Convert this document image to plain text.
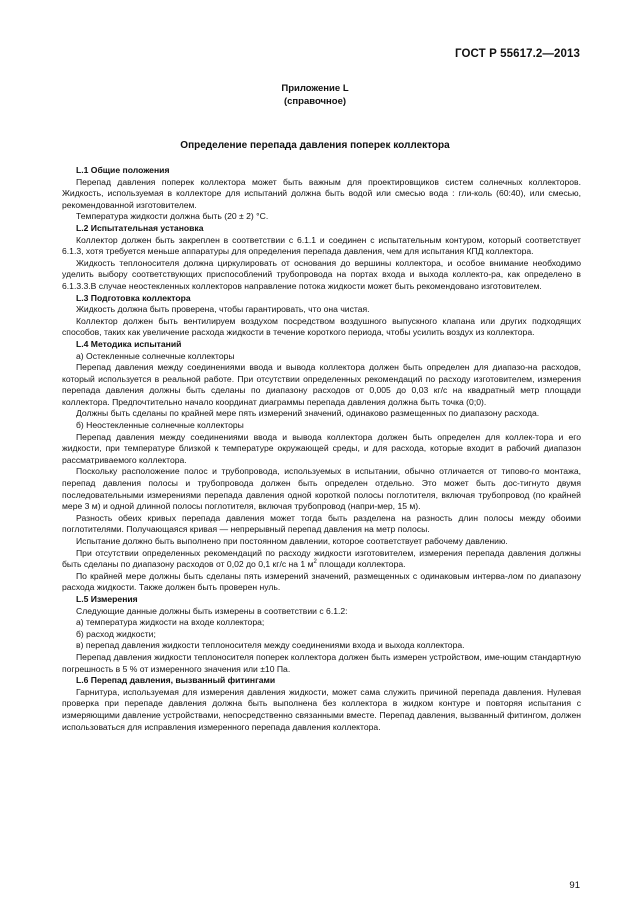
ГОСТ Р 55617.2—2013
Приложение L
(справочное)
Определение перепада давления поперек коллектора
L.1 Общие положения

Перепад давления поперек коллектора может быть важным для проектировщиков систем солнечных коллекторов. Жидкость, используемая в коллекторе для испытаний должна быть водой или смесью вода : гли-коль (60:40), или смесью, рекомендованной изготовителем.

Температура жидкости должна быть (20 ± 2) °С.

L.2 Испытательная установка

Коллектор должен быть закреплен в соответствии с 6.1.1 и соединен с испытательным контуром, который соответствует 6.1.3, хотя требуется меньше аппаратуры для определения перепада давления, чем для испытания КПД коллектора.

Жидкость теплоносителя должна циркулировать от основания до вершины коллектора, и особое внимание необходимо уделить выбору соответствующих приспособлений трубопровода на портах входа и выхода коллекто-ра, как определено в 6.1.3.3.В случае неостекленных коллекторов направление потока жидкости может быть рекомендовано изготовителем.

L.3 Подготовка коллектора

Жидкость должна быть проверена, чтобы гарантировать, что она чистая.

Коллектор должен быть вентилируем воздухом посредством воздушного выпускного клапана или других подходящих способов, таких как увеличение расхода жидкости в течение короткого периода, чтобы усилить воздух из коллектора.

L.4 Методика испытаний

а) Остекленные солнечные коллекторы

Перепад давления между соединениями ввода и вывода коллектора должен быть определен для диапазо-на расходов, который используется в реальной работе. При отсутствии определенных рекомендаций по расходу изготовителем, измерения перепада давления должны быть сделаны по диапазону расходов от 0,005 до 0,03 кг/с на квадратный метр площади коллектора. Предпочтительно начало координат диаграммы перепада давления должна быть точка (0;0).

Должны быть сделаны по крайней мере пять измерений значений, одинаково размещенных по диапазону расхода.

б) Неостекленные солнечные коллекторы

Перепад давления между соединениями ввода и вывода коллектора должен быть определен для коллек-тора и его жидкости, при температуре близкой к температуре окружающей среды, и для расхода, которые входит в рабочий диапазон рассматриваемого коллектора.

Поскольку расположение полос и трубопровода, используемых в испытании, обычно отличается от типово-го монтажа, перепад давления полосы и трубопровода должен быть определен отдельно. Это может быть дос-тигнуто двумя последовательными измерениями перепада давления одной короткой полосы поглотителя, включая трубопровод (по крайней мере 3 м) и одной длинной полосы поглотителя, включая трубопровод (напри-мер, 15 м).

Разность обеих кривых перепада давления может тогда быть разделена на разность длин полосы между обоими поглотителями. Получающаяся кривая — непрерывный перепад давления на метр полосы.

Испытание должно быть выполнено при постоянном давлении, которое соответствует рабочему давлению.

При отсутствии определенных рекомендаций по расходу жидкости изготовителем, измерения перепада давления должны быть сделаны по диапазону расходов от 0,02 до 0,1 кг/с на 1 $м^2$ площади коллектора.

По крайней мере должны быть сделаны пять измерений значений, размещенных с одинаковым интерва-лом по диапазону расхода жидкости. Также должен быть проверен нуль.

L.5 Измерения

Следующие данные должны быть измерены в соответствии с 6.1.2:

а) температура жидкости на входе коллектора;

б) расход жидкости;

в) перепад давления жидкости теплоносителя между соединениями входа и выхода коллектора.

Перепад давления жидкости теплоносителя поперек коллектора должен быть измерен устройством, име-ющим стандартную погрешность в 5 % от измеренного значения или ±10 Па.

L.6 Перепад давления, вызванный фитингами

Гарнитура, используемая для измерения давления жидкости, может сама служить причиной перепада давления. Нулевая проверка при перепаде давления должна быть выполнена без коллектора в жидком контуре и повторяя испытания с измеряющими давление устройствами, непосредственно связанными вместе. Перепад давления, вызванный фитингом, должен использоваться для исправления измеренного перепада давления коллектора.

91
